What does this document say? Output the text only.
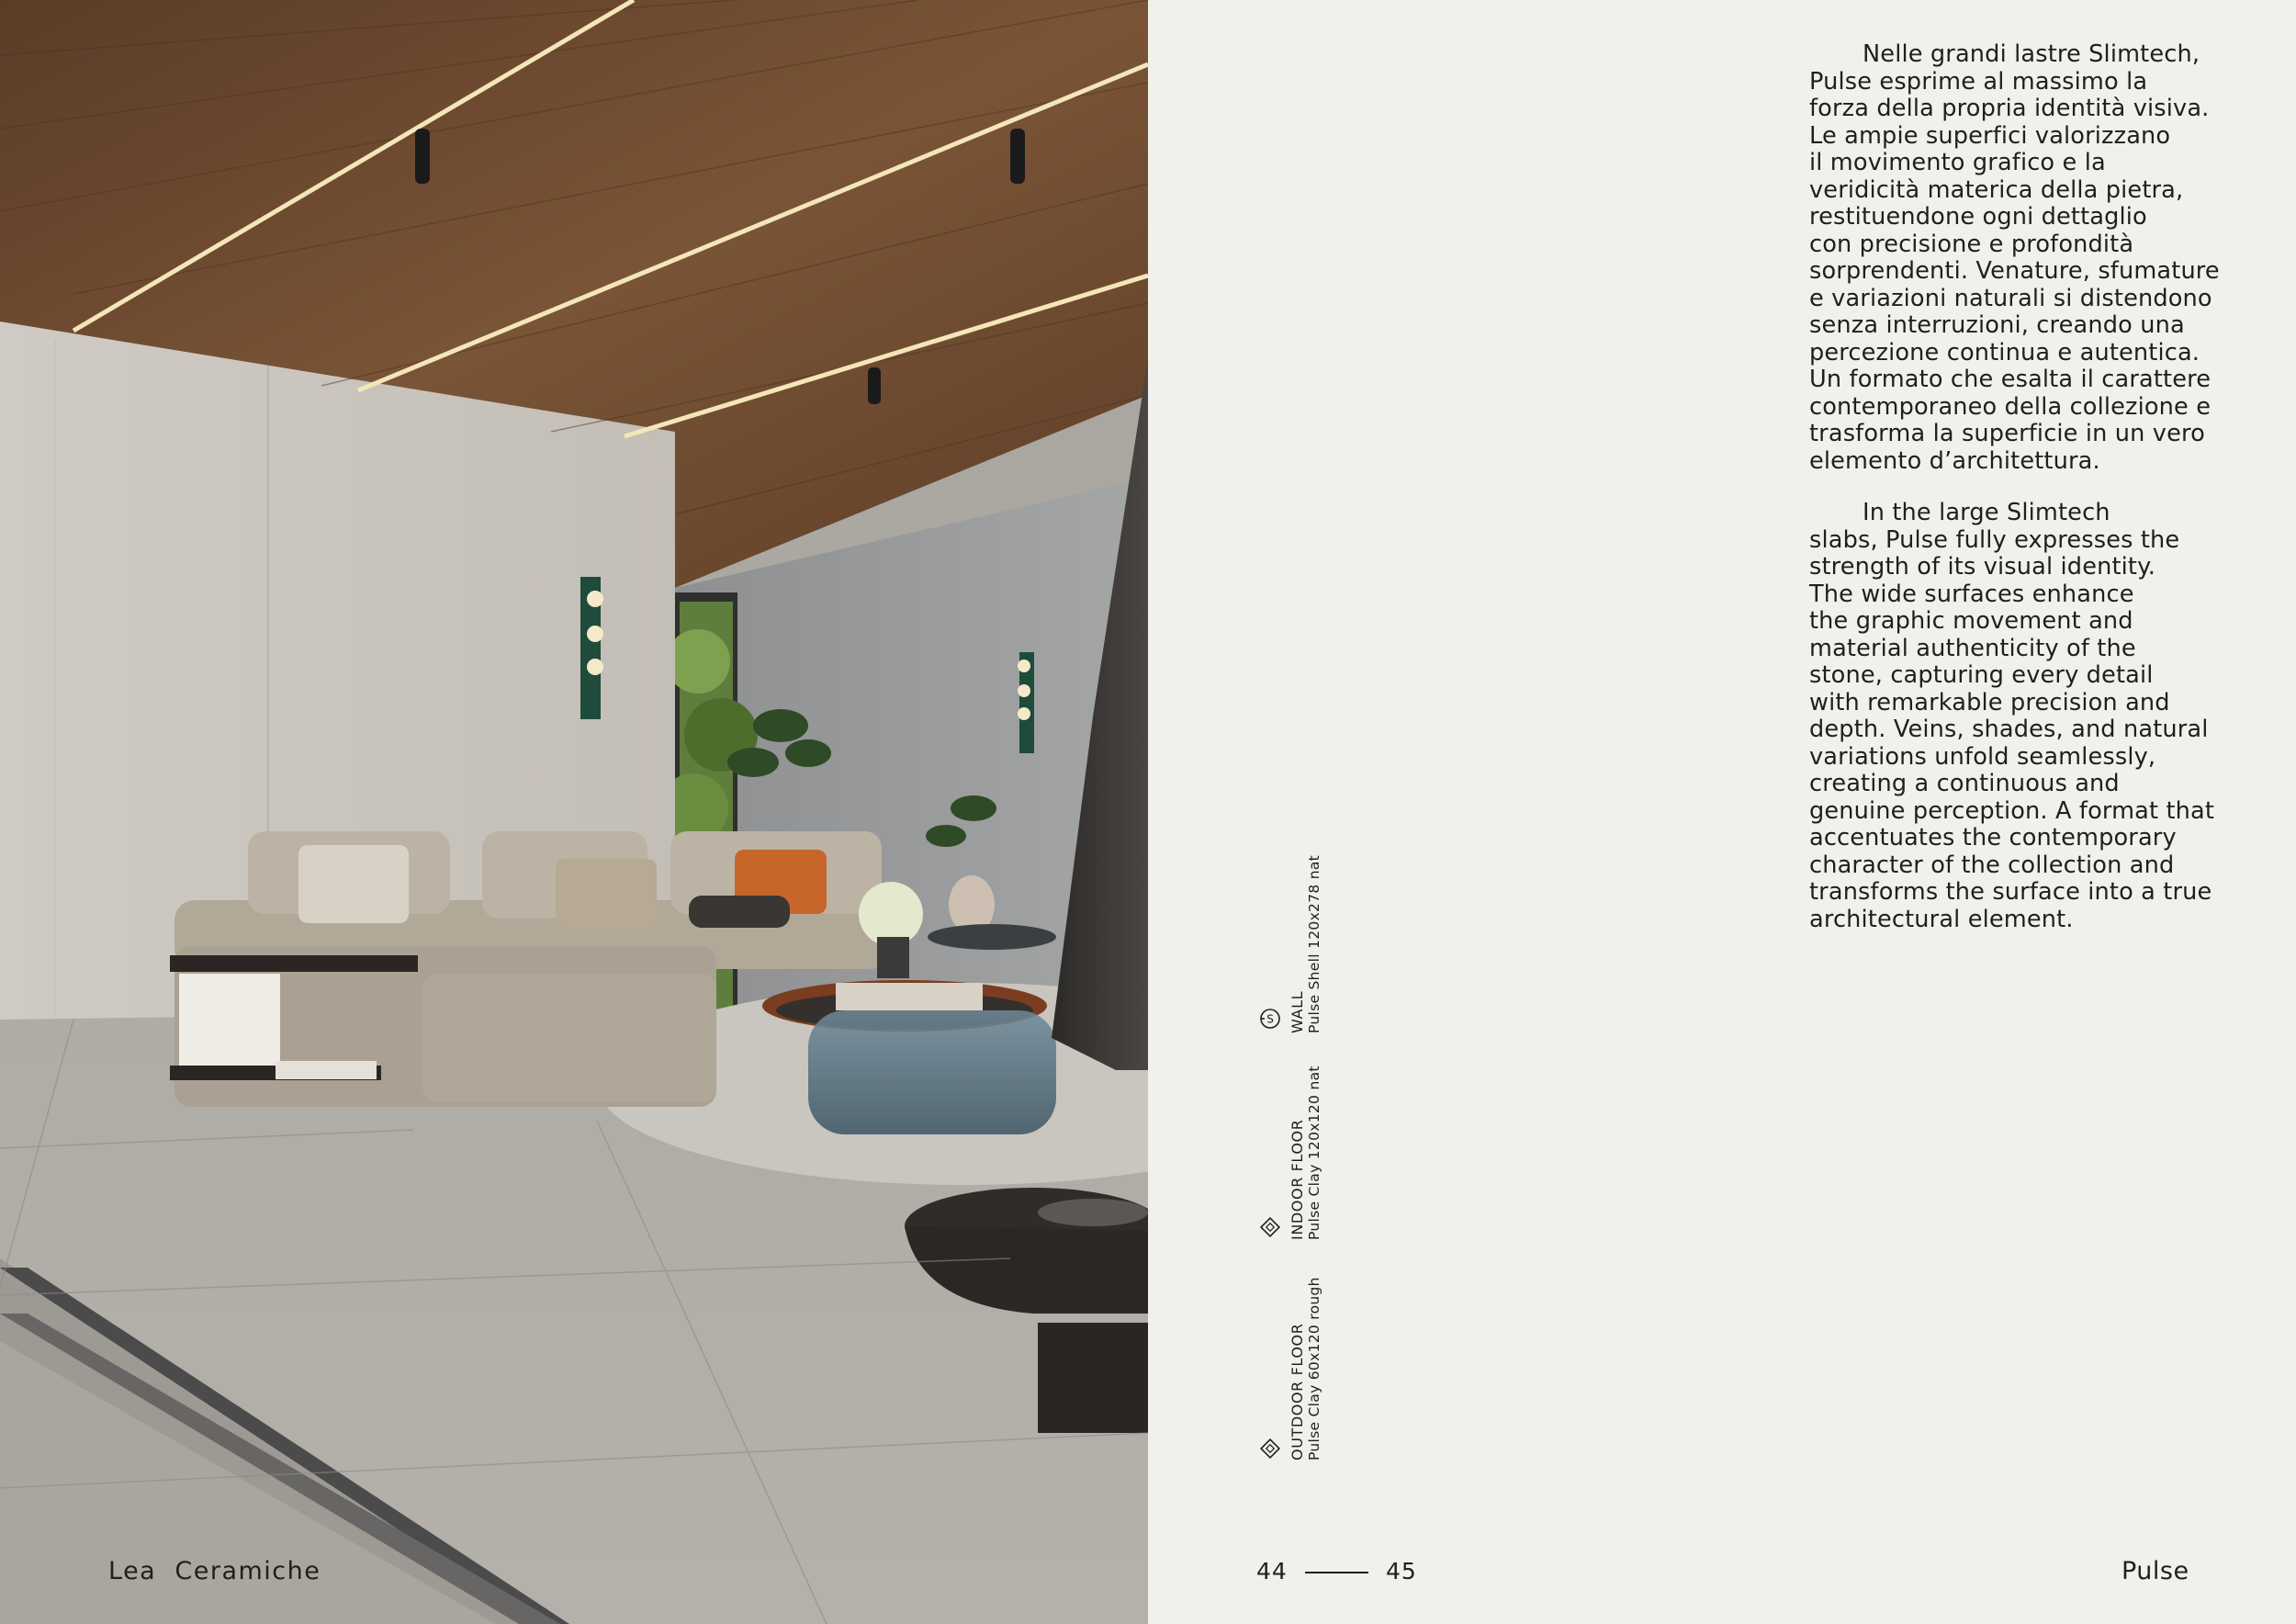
Lea  Ceramiche
Nelle grandi lastre Slimtech,
Pulse esprime al massimo la
forza della propria identità visiva.
Le ampie superfici valorizzano
il movimento grafico e la
veridicità materica della pietra,
restituendone ogni dettaglio
con precisione e profondità
sorprendenti. Venature, sfumature
e variazioni naturali si distendono
senza interruzioni, creando una
percezione continua e autentica.
Un formato che esalta il carattere
contemporaneo della collezione e
trasforma la superficie in un vero
elemento d’architettura.
In the large Slimtech
slabs, Pulse fully expresses the
strength of its visual identity.
The wide surfaces enhance
the graphic movement and
material authenticity of the
stone, capturing every detail
with remarkable precision and
depth. Veins, shades, and natural
variations unfold seamlessly,
creating a continuous and
genuine perception. A format that
accentuates the contemporary
character of the collection and
transforms the surface into a true
architectural element.
WALL Pulse Shell 120x278 nat
S
INDOOR FLOOR Pulse Clay 120x120 nat
OUTDOOR FLOOR Pulse Clay 60x120 rough
44	45	Pulse
